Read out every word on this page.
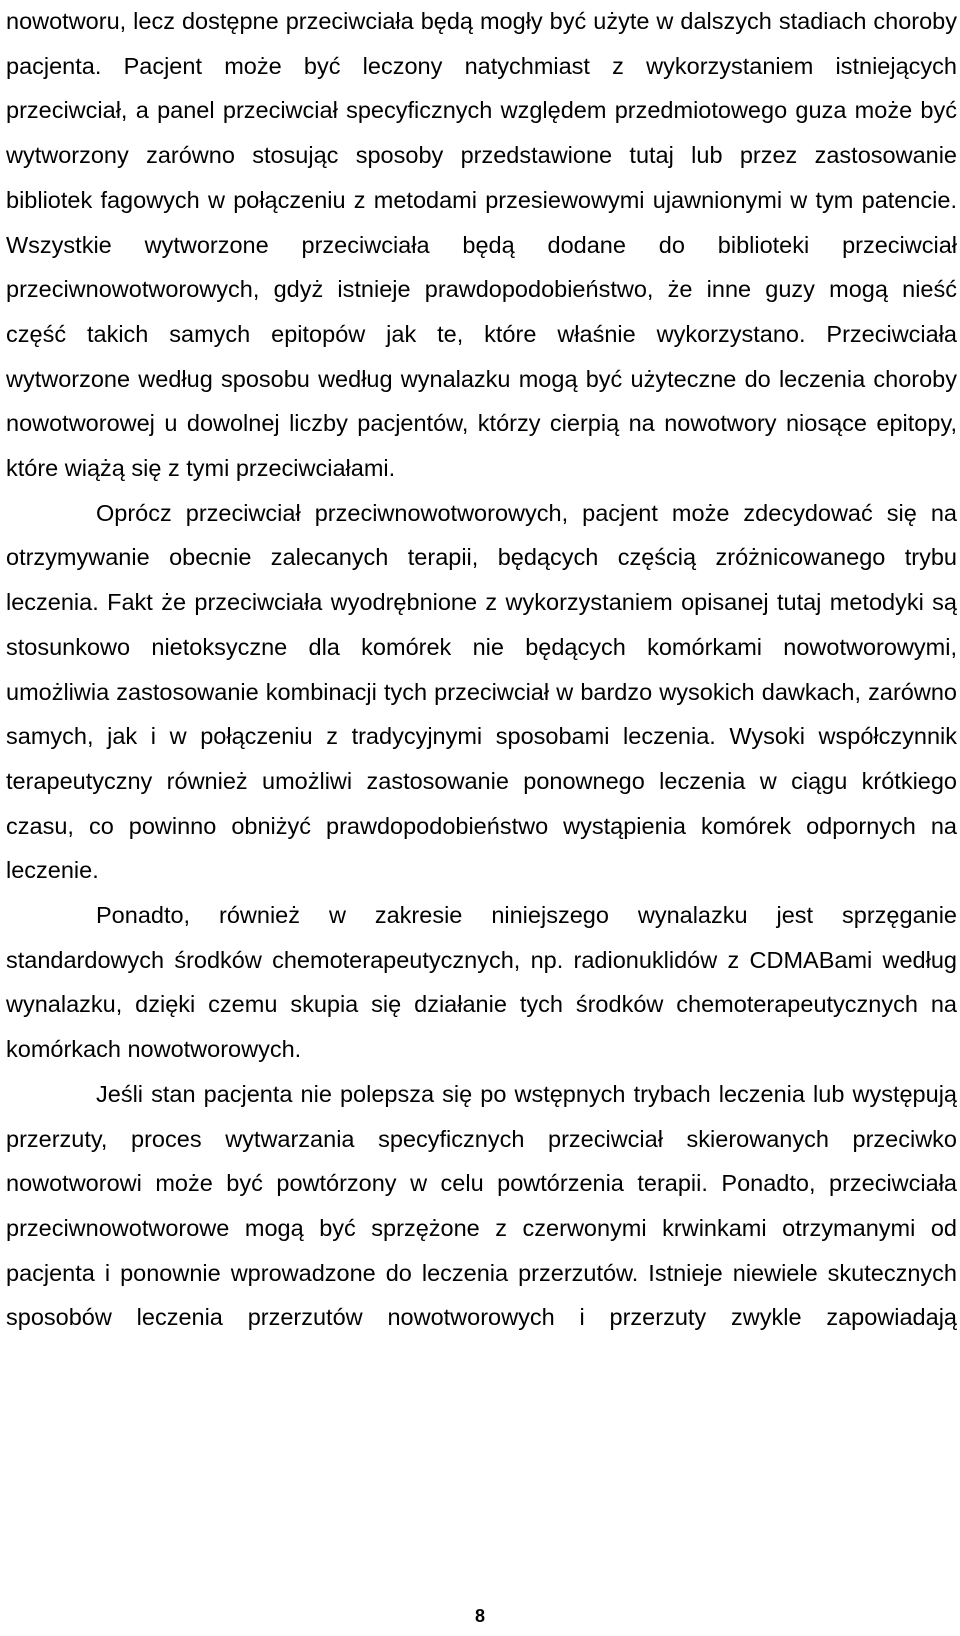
nowotworu, lecz dostępne przeciwciała będą mogły być użyte w dalszych stadiach choroby pacjenta. Pacjent może być leczony natychmiast z wykorzystaniem istniejących przeciwciał, a panel przeciwciał specyficznych względem przedmiotowego guza może być wytworzony zarówno stosując sposoby przedstawione tutaj lub przez zastosowanie bibliotek fagowych w połączeniu z metodami przesiewowymi ujawnionymi w tym patencie. Wszystkie wytworzone przeciwciała będą dodane do biblioteki przeciwciał przeciwnowotworowych, gdyż istnieje prawdopodobieństwo, że inne guzy mogą nieść część takich samych epitopów jak te, które właśnie wykorzystano. Przeciwciała wytworzone według sposobu według wynalazku mogą być użyteczne do leczenia choroby nowotworowej u dowolnej liczby pacjentów, którzy cierpią na nowotwory niosące epitopy, które wiążą się z tymi przeciwciałami.

Oprócz przeciwciał przeciwnowotworowych, pacjent może zdecydować się na otrzymywanie obecnie zalecanych terapii, będących częścią zróżnicowanego trybu leczenia. Fakt że przeciwciała wyodrębnione z wykorzystaniem opisanej tutaj metodyki są stosunkowo nietoksyczne dla komórek nie będących komórkami nowotworowymi, umożliwia zastosowanie kombinacji tych przeciwciał w bardzo wysokich dawkach, zarówno samych, jak i w połączeniu z tradycyjnymi sposobami leczenia. Wysoki współczynnik terapeutyczny również umożliwi zastosowanie ponownego leczenia w ciągu krótkiego czasu, co powinno obniżyć prawdopodobieństwo wystąpienia komórek odpornych na leczenie.

Ponadto, również w zakresie niniejszego wynalazku jest sprzęganie standardowych środków chemoterapeutycznych, np. radionuklidów z CDMABami według wynalazku, dzięki czemu skupia się działanie tych środków chemoterapeutycznych na komórkach nowotworowych.

Jeśli stan pacjenta nie polepsza się po wstępnych trybach leczenia lub występują przerzuty, proces wytwarzania specyficznych przeciwciał skierowanych przeciwko nowotworowi może być powtórzony w celu powtórzenia terapii. Ponadto, przeciwciała przeciwnowotworowe mogą być sprzężone z czerwonymi krwinkami otrzymanymi od pacjenta i ponownie wprowadzone do leczenia przerzutów. Istnieje niewiele skutecznych sposobów leczenia przerzutów nowotworowych i przerzuty zwykle zapowiadają

8
